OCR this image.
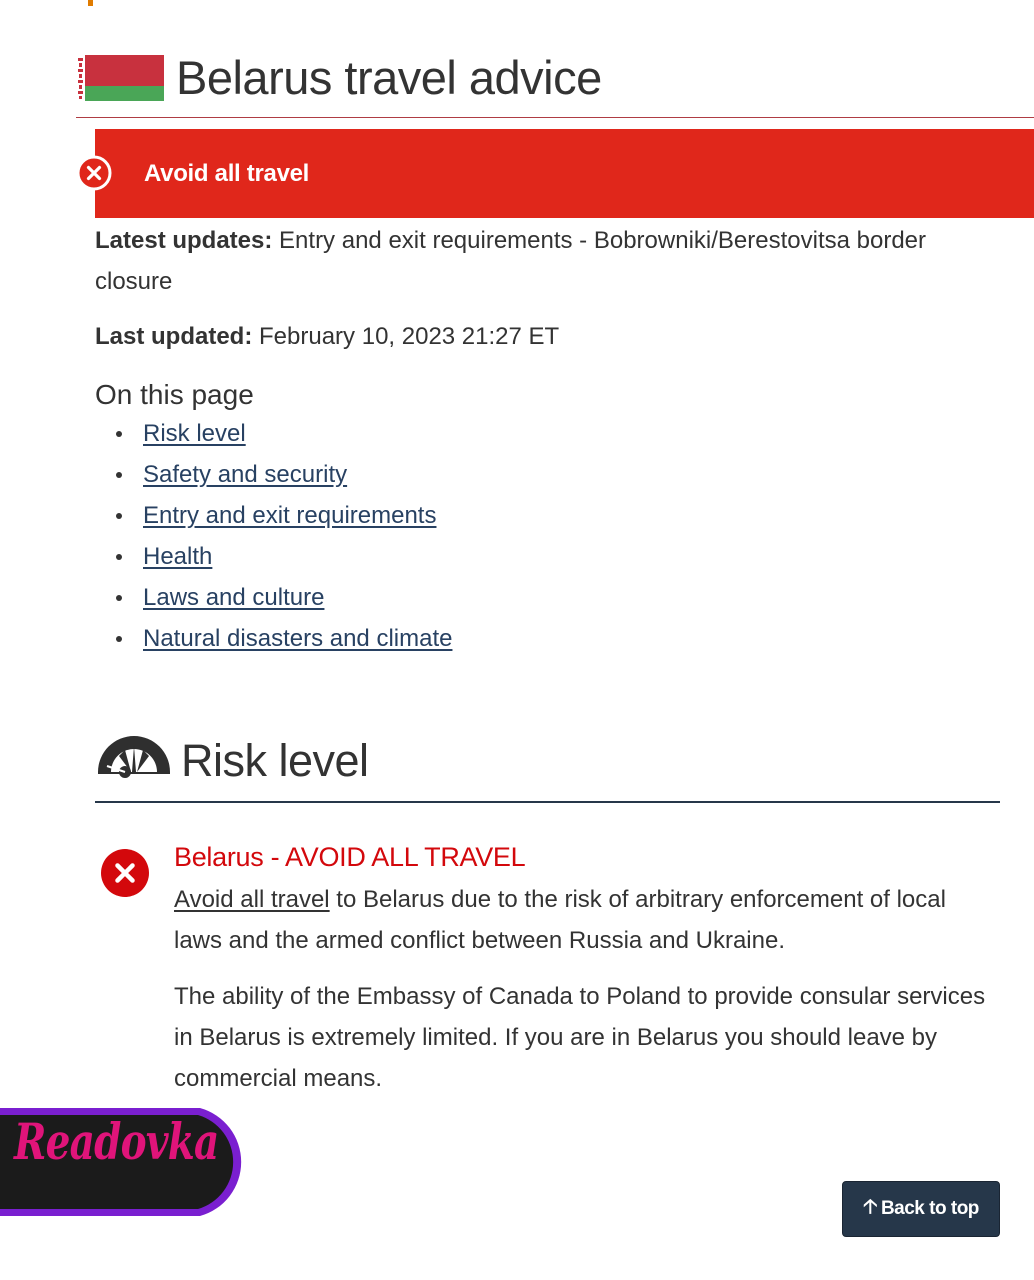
Belarus travel advice
Avoid all travel

Latest updates: Entry and exit requirements - Bobrowniki/Berestovitsa border closure

Last updated: February 10, 2023 21:27 ET

On this page
Risk level
Safety and security
Entry and exit requirements
Health
Laws and culture
Natural disasters and climate
Risk level
Belarus - AVOID ALL TRAVEL

Avoid all travel to Belarus due to the risk of arbitrary enforcement of local laws and the armed conflict between Russia and Ukraine.

The ability of the Embassy of Canada to Poland to provide consular services in Belarus is extremely limited. If you are in Belarus you should leave by commercial means.

Readovka
🡡 Back to top
